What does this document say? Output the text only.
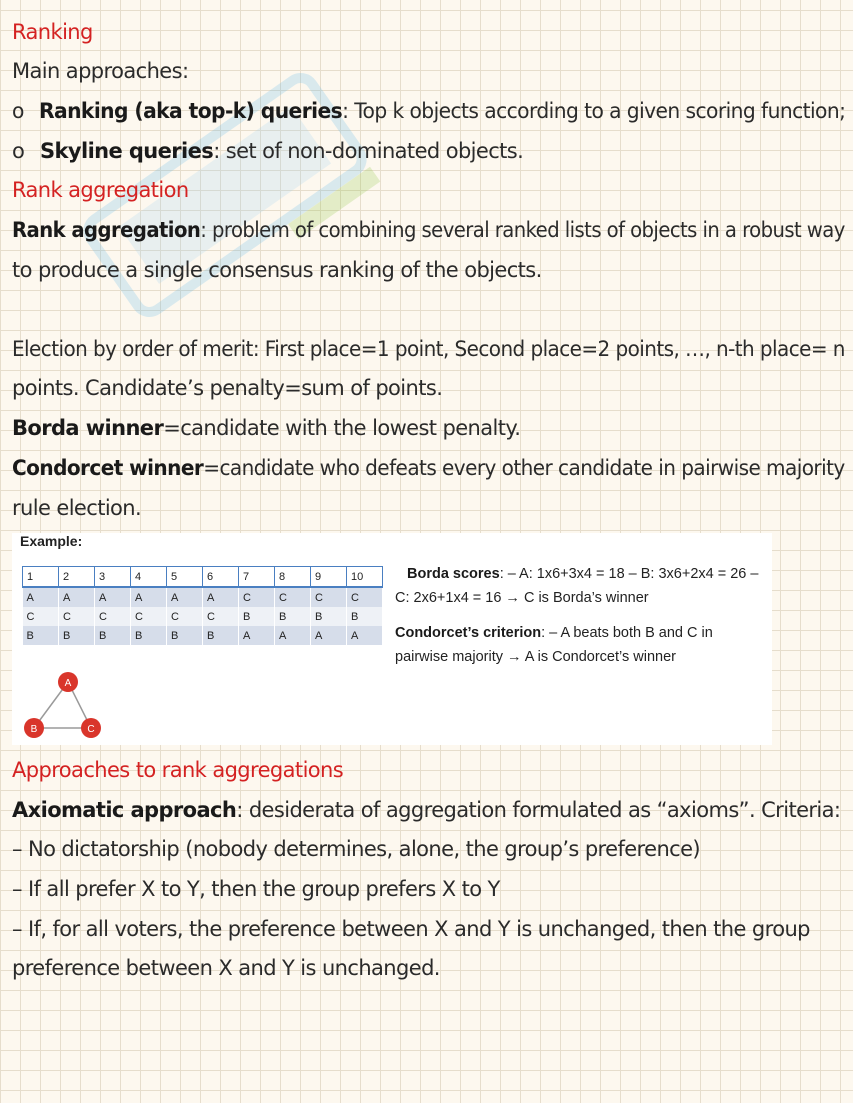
Ranking
Main approaches:
o Ranking (aka top-k) queries: Top k objects according to a given scoring function;
o Skyline queries: set of non-dominated objects.
Rank aggregation
Rank aggregation: problem of combining several ranked lists of objects in a robust way
to produce a single consensus ranking of the objects.
Election by order of merit: First place=1 point, Second place=2 points, …, n-th place= n
points. Candidate’s penalty=sum of points.
Borda winner=candidate with the lowest penalty.
Condorcet winner=candidate who defeats every other candidate in pairwise majority
rule election.
Example:
1	2	3	4	5	6	7	8	9	10
A	A	A	A	A	A	C	C	C	C
C	C	C	C	C	C	B	B	B	B
B	B	B	B	B	B	A	A	A	A
A
B	C
Borda scores: – A: 1x6+3x4 = 18 – B: 3x6+2x4 = 26 –
C: 2x6+1x4 = 16 → C is Borda’s winner
Condorcet’s criterion: – A beats both B and C in
pairwise majority → A is Condorcet’s winner
Approaches to rank aggregations
Axiomatic approach: desiderata of aggregation formulated as “axioms”. Criteria:
– No dictatorship (nobody determines, alone, the group’s preference)
– If all prefer X to Y, then the group prefers X to Y
– If, for all voters, the preference between X and Y is unchanged, then the group
preference between X and Y is unchanged.
